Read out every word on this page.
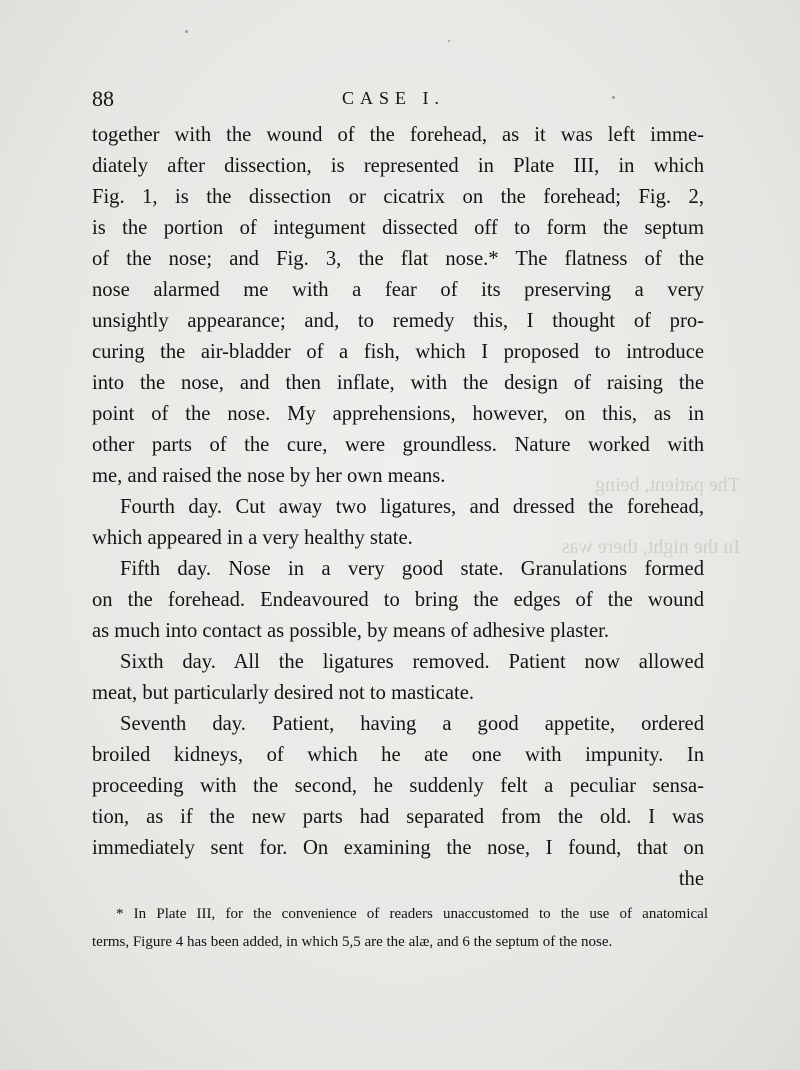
The patient, being

In the night, there was
88	CASE I.
together with the wound of the forehead, as it was left imme-
diately after dissection, is represented in Plate III, in which
Fig. 1, is the dissection or cicatrix on the forehead; Fig. 2,
is the portion of integument dissected off to form the septum
of the nose; and Fig. 3, the flat nose.* The flatness of the
nose alarmed me with a fear of its preserving a very
unsightly appearance; and, to remedy this, I thought of pro-
curing the air-bladder of a fish, which I proposed to introduce
into the nose, and then inflate, with the design of raising the
point of the nose. My apprehensions, however, on this, as in
other parts of the cure, were groundless. Nature worked with
me, and raised the nose by her own means.
Fourth day. Cut away two ligatures, and dressed the forehead,
which appeared in a very healthy state.
Fifth day. Nose in a very good state. Granulations formed
on the forehead. Endeavoured to bring the edges of the wound
as much into contact as possible, by means of adhesive plaster.
Sixth day. All the ligatures removed. Patient now allowed
meat, but particularly desired not to masticate.
Seventh day. Patient, having a good appetite, ordered
broiled kidneys, of which he ate one with impunity. In
proceeding with the second, he suddenly felt a peculiar sensa-
tion, as if the new parts had separated from the old. I was
immediately sent for. On examining the nose, I found, that on
the
* In Plate III, for the convenience of readers unaccustomed to the use of anatomical
terms, Figure 4 has been added, in which 5,5 are the alæ, and 6 the septum of the nose.
